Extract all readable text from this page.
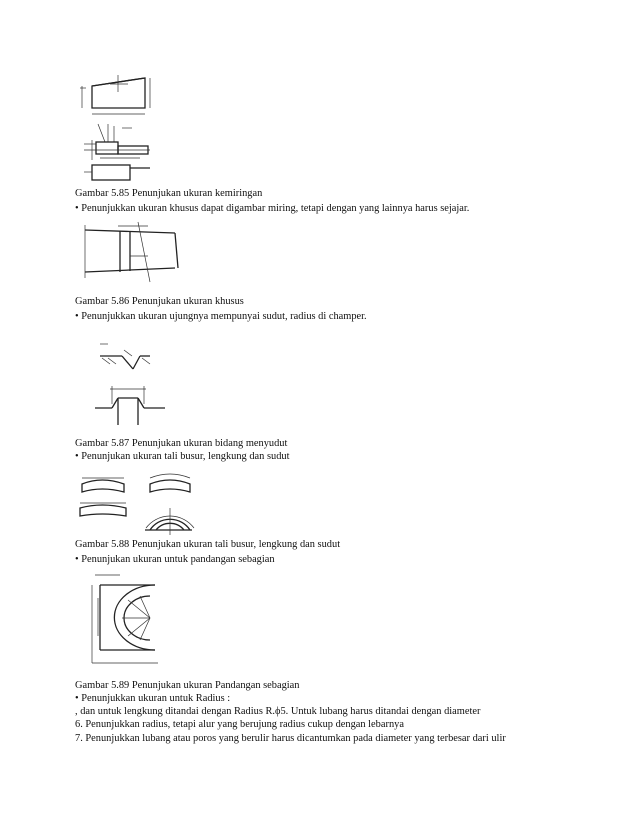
Gambar 5.85 Penunjukan ukuran kemiringan
• Penunjukkan ukuran khusus dapat digambar miring, tetapi dengan yang lainnya harus sejajar.
Gambar 5.86 Penunjukan ukuran khusus
• Penunjukkan ukuran ujungnya mempunyai sudut, radius di champer.
Gambar 5.87 Penunjukan ukuran bidang menyudut
• Penunjukan ukuran tali busur, lengkung dan sudut
Gambar 5.88 Penunjukan ukuran tali busur, lengkung dan sudut
• Penunjukan ukuran untuk pandangan sebagian
Gambar 5.89 Penunjukan ukuran Pandangan sebagian
• Penunjukkan ukuran untuk Radius :
, dan untuk lengkung ditandai dengan Radius R.ϕ5. Untuk lubang harus ditandai dengan diameter
6. Penunjukkan radius, tetapi alur yang berujung radius cukup dengan lebarnya
7. Penunjukkan lubang atau poros yang berulir harus dicantumkan pada diameter yang terbesar dari ulir
